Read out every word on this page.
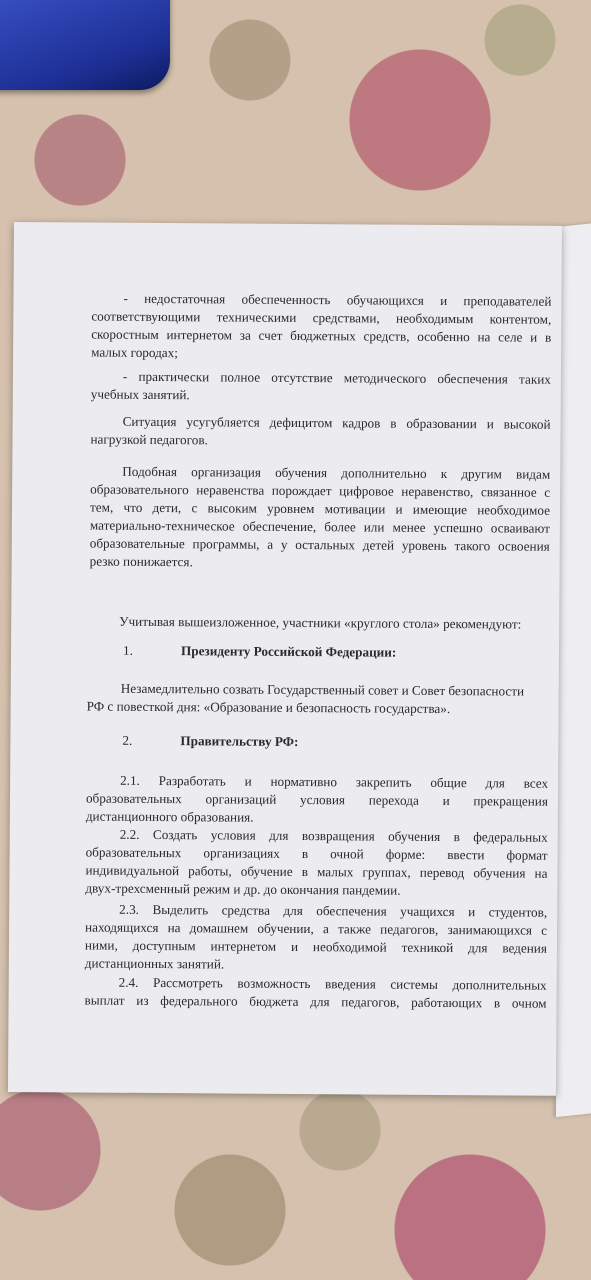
- недостаточная обеспеченность обучающихся и преподавателей
соответствующими техническими средствами, необходимым контентом,
скоростным интернетом за счет бюджетных средств, особенно на селе и в
малых городах;
- практически полное отсутствие методического обеспечения таких
учебных занятий.
Ситуация усугубляется дефицитом кадров в образовании и высокой
нагрузкой педагогов.
Подобная организация обучения дополнительно к другим видам
образовательного неравенства порождает цифровое неравенство, связанное с
тем, что дети, с высоким уровнем мотивации и имеющие необходимое
материально-техническое обеспечение, более или менее успешно осваивают
образовательные программы, а у остальных детей уровень такого освоения
резко понижается.
Учитывая вышеизложенное, участники «круглого стола» рекомендуют:
1.	Президенту Российской Федерации:
Незамедлительно созвать Государственный совет и Совет безопасности
РФ с повесткой дня: «Образование и безопасность государства».
2.	Правительству РФ:
2.1. Разработать и нормативно закрепить общие для всех
образовательных организаций условия перехода и прекращения
дистанционного образования.
2.2. Создать условия для возвращения обучения в федеральных
образовательных организациях в очной форме: ввести формат
индивидуальной работы, обучение в малых группах, перевод обучения на
двух-трехсменный режим и др. до окончания пандемии.
2.3. Выделить средства для обеспечения учащихся и студентов,
находящихся на домашнем обучении, а также педагогов, занимающихся с
ними, доступным интернетом и необходимой техникой для ведения
дистанционных занятий.
2.4. Рассмотреть возможность введения системы дополнительных
выплат из федерального бюджета для педагогов, работающих в очном
